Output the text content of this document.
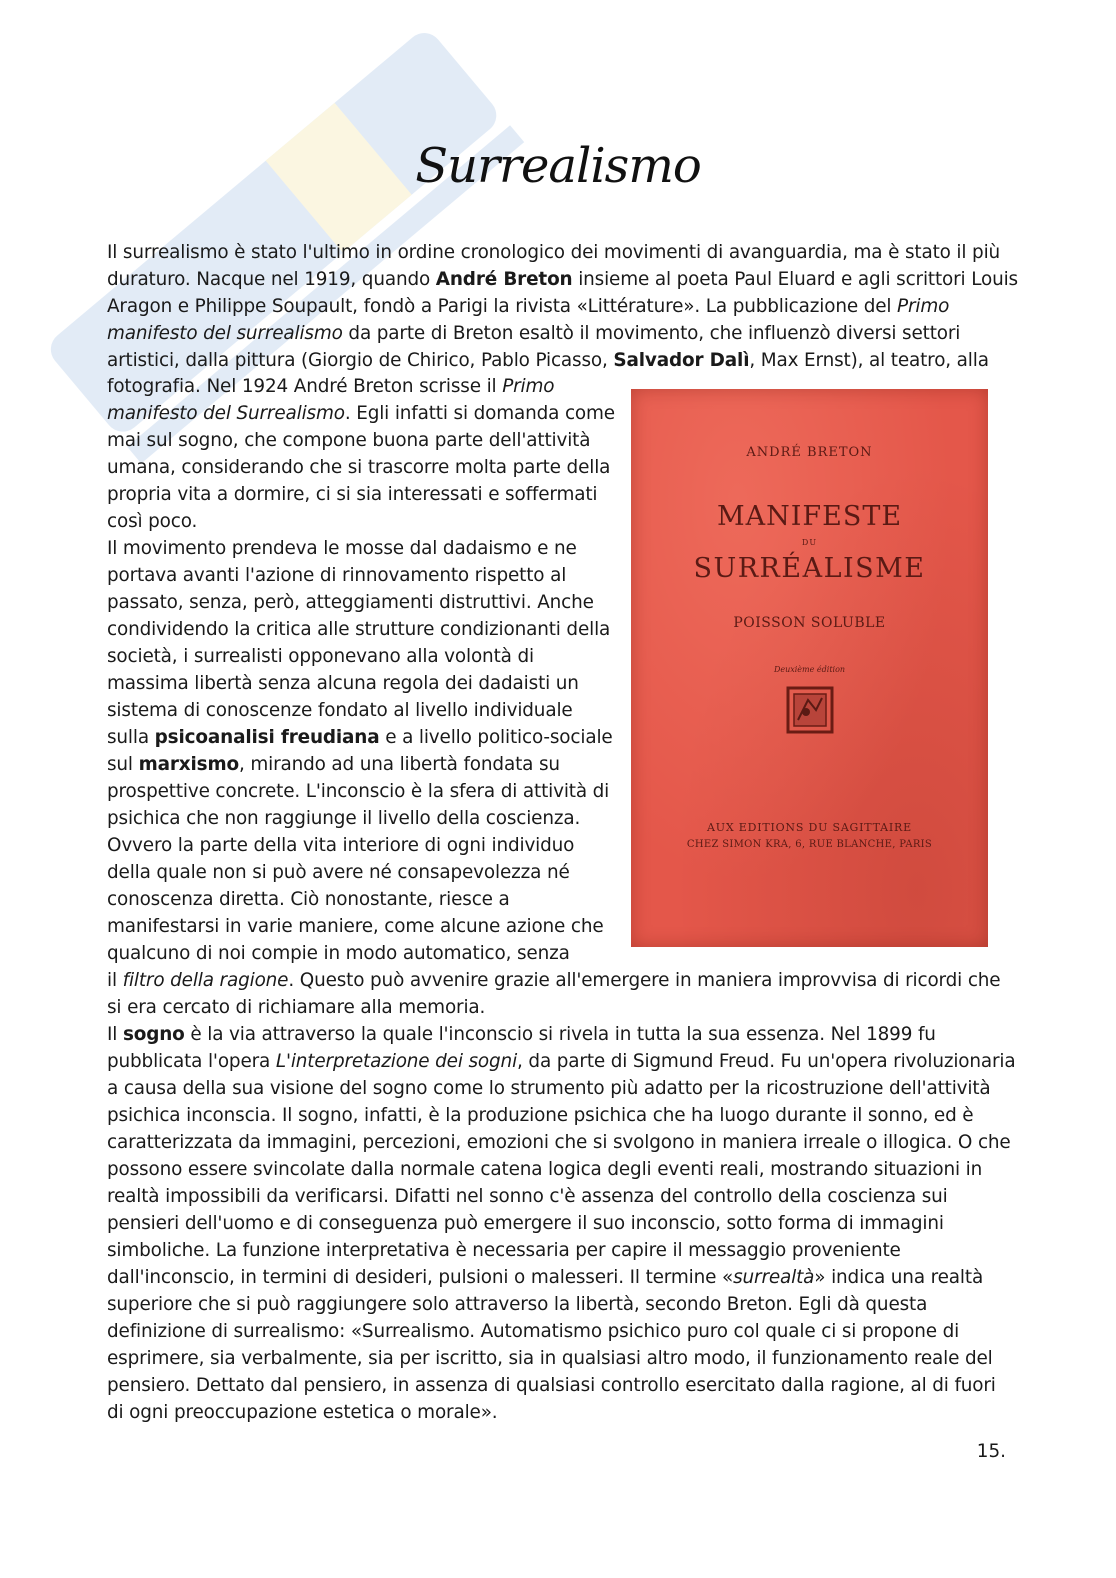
Surrealismo
Il surrealismo è stato l'ultimo in ordine cronologico dei movimenti di avanguardia, ma è stato il più
duraturo. Nacque nel 1919, quando André Breton insieme al poeta Paul Eluard e agli scrittori Louis
Aragon e Philippe Soupault, fondò a Parigi la rivista «Littérature». La pubblicazione del Primo
manifesto del surrealismo da parte di Breton esaltò il movimento, che influenzò diversi settori
artistici, dalla pittura (Giorgio de Chirico, Pablo Picasso, Salvador Dalì, Max Ernst), al teatro, alla
fotografia. Nel 1924 André Breton scrisse il Primo
manifesto del Surrealismo. Egli infatti si domanda come
mai sul sogno, che compone buona parte dell'attività
umana, considerando che si trascorre molta parte della
propria vita a dormire, ci si sia interessati e soffermati
così poco.
Il movimento prendeva le mosse dal dadaismo e ne
portava avanti l'azione di rinnovamento rispetto al
passato, senza, però, atteggiamenti distruttivi. Anche
condividendo la critica alle strutture condizionanti della
società, i surrealisti opponevano alla volontà di
massima libertà senza alcuna regola dei dadaisti un
sistema di conoscenze fondato al livello individuale
sulla psicoanalisi freudiana e a livello politico-sociale
sul marxismo, mirando ad una libertà fondata su
prospettive concrete. L'inconscio è la sfera di attività di
psichica che non raggiunge il livello della coscienza.
Ovvero la parte della vita interiore di ogni individuo
della quale non si può avere né consapevolezza né
conoscenza diretta. Ciò nonostante, riesce a
manifestarsi in varie maniere, come alcune azione che
qualcuno di noi compie in modo automatico, senza
il filtro della ragione. Questo può avvenire grazie all'emergere in maniera improvvisa di ricordi che
si era cercato di richiamare alla memoria.
Il sogno è la via attraverso la quale l'inconscio si rivela in tutta la sua essenza. Nel 1899 fu
pubblicata l'opera L'interpretazione dei sogni, da parte di Sigmund Freud. Fu un'opera rivoluzionaria
a causa della sua visione del sogno come lo strumento più adatto per la ricostruzione dell'attività
psichica inconscia. Il sogno, infatti, è la produzione psichica che ha luogo durante il sonno, ed è
caratterizzata da immagini, percezioni, emozioni che si svolgono in maniera irreale o illogica. O che
possono essere svincolate dalla normale catena logica degli eventi reali, mostrando situazioni in
realtà impossibili da verificarsi. Difatti nel sonno c'è assenza del controllo della coscienza sui
pensieri dell'uomo e di conseguenza può emergere il suo inconscio, sotto forma di immagini
simboliche. La funzione interpretativa è necessaria per capire il messaggio proveniente
dall'inconscio, in termini di desideri, pulsioni o malesseri. Il termine «surrealtà» indica una realtà
superiore che si può raggiungere solo attraverso la libertà, secondo Breton. Egli dà questa
definizione di surrealismo: «Surrealismo. Automatismo psichico puro col quale ci si propone di
esprimere, sia verbalmente, sia per iscritto, sia in qualsiasi altro modo, il funzionamento reale del
pensiero. Dettato dal pensiero, in assenza di qualsiasi controllo esercitato dalla ragione, al di fuori
di ogni preoccupazione estetica o morale».
ANDRÉ BRETON
MANIFESTE
DU
SURRÉALISME
POISSON SOLUBLE
Deuxième édition
AUX EDITIONS DU SAGITTAIRE
CHEZ SIMON KRA, 6, RUE BLANCHE, PARIS
15.
